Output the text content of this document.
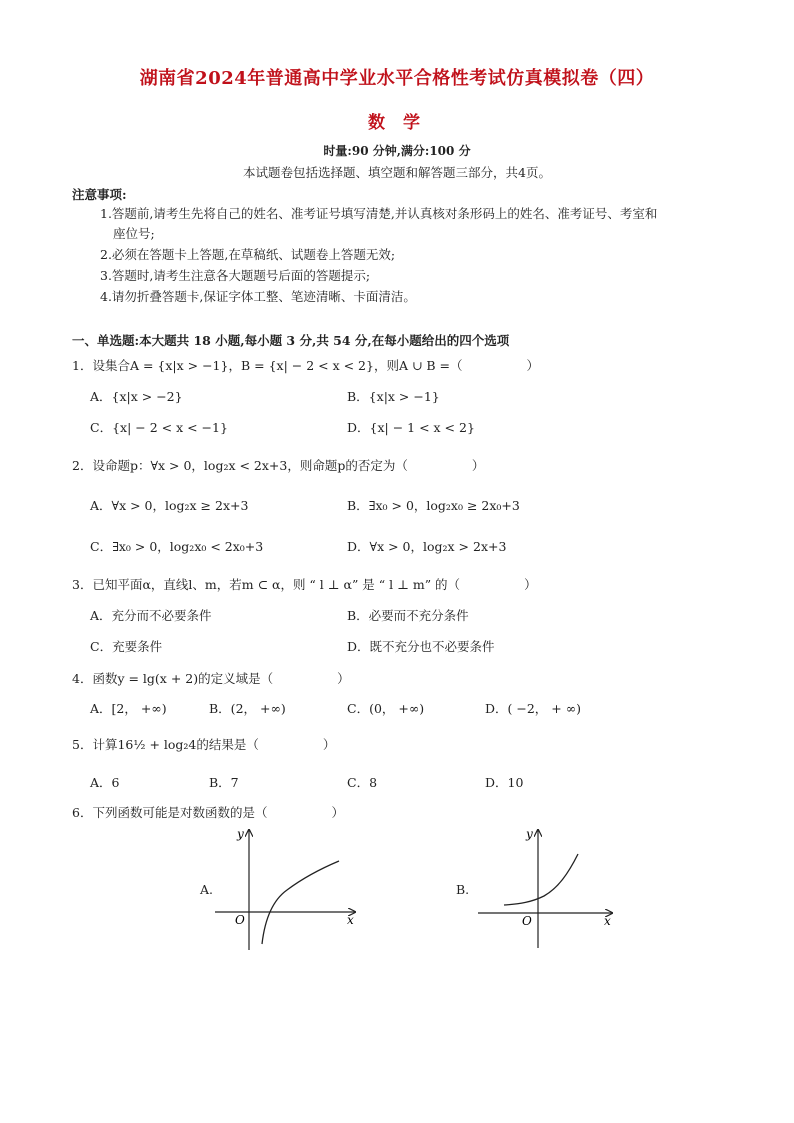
湖南省2024年普通高中学业水平合格性考试仿真模拟卷（四）
数 学
时量:90 分钟,满分:100 分
本试题卷包括选择题、填空题和解答题三部分，共4页。
注意事项:
1.答题前,请考生先将自己的姓名、准考证号填写清楚,并认真核对条形码上的姓名、准考证号、考室和
座位号;
2.必须在答题卡上答题,在草稿纸、试题卷上答题无效;
3.答题时,请考生注意各大题题号后面的答题提示;
4.请勿折叠答题卡,保证字体工整、笔迹清晰、卡面清洁。
一、单选题:本大题共 18 小题,每小题 3 分,共 54 分,在每小题给出的四个选项
1．设集合A = {x|x > −1}，B = {x| − 2 < x < 2}，则A ∪ B =（	）
A．{x|x > −2}	B．{x|x > −1}
C．{x| − 2 < x < −1}	D．{x| − 1 < x < 2}
2．设命题p：∀x > 0，log₂x < 2x+3，则命题p的否定为（	）
A．∀x > 0，log₂x ≥ 2x+3	B．∃x₀ > 0，log₂x₀ ≥ 2x₀+3
C．∃x₀ > 0，log₂x₀ < 2x₀+3	D．∀x > 0，log₂x > 2x+3
3．已知平面α，直线l、m，若m ⊂ α，则 “ l ⊥ α” 是 “ l ⊥ m” 的（	）
A．充分而不必要条件	B．必要而不充分条件
C．充要条件	D．既不充分也不必要条件
4．函数y = lg(x + 2)的定义域是（	）
A．[2， +∞)	B．(2， +∞)	C．(0， +∞)	D．( −2， + ∞)
5．计算16½ + log₂4的结果是（	）
A．6	B．7	C．8	D．10
6．下列函数可能是对数函数的是（	）
A.	B.
y
x
O
y
x
O
